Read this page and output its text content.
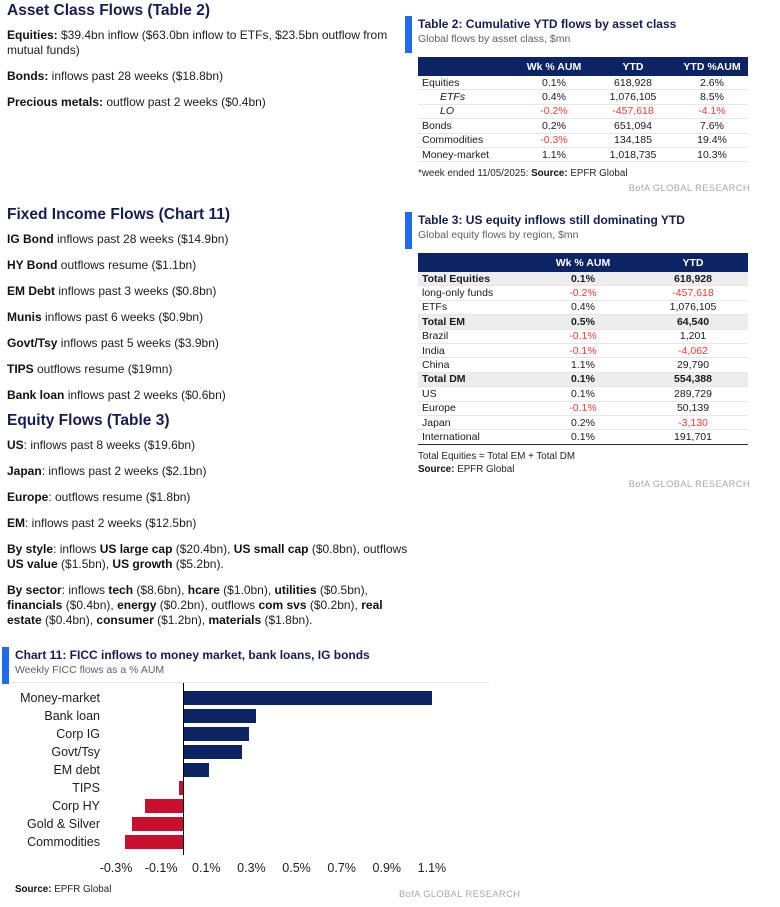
Asset Class Flows (Table 2)

Equities: $39.4bn inflow ($63.0bn inflow to ETFs, $23.5bn outflow from mutual funds)

Bonds: inflows past 28 weeks ($18.8bn)

Precious metals: outflow past 2 weeks ($0.4bn)

Fixed Income Flows (Chart 11)

IG Bond inflows past 28 weeks ($14.9bn)

HY Bond outflows resume ($1.1bn)

EM Debt inflows past 3 weeks ($0.8bn)

Munis inflows past 6 weeks ($0.9bn)

Govt/Tsy inflows past 5 weeks ($3.9bn)

TIPS outflows resume ($19mn)

Bank loan inflows past 2 weeks ($0.6bn)

Equity Flows (Table 3)

US: inflows past 8 weeks ($19.6bn)

Japan: inflows past 2 weeks ($2.1bn)

Europe: outflows resume ($1.8bn)

EM: inflows past 2 weeks ($12.5bn)

By style: inflows US large cap ($20.4bn), US small cap ($0.8bn), outflows US value ($1.5bn), US growth ($5.2bn).

By sector: inflows tech ($8.6bn), hcare ($1.0bn), utilities ($0.5bn), financials ($0.4bn), energy ($0.2bn), outflows com svs ($0.2bn), real estate ($0.4bn), consumer ($1.2bn), materials ($1.8bn).

Table 2: Cumulative YTD flows by asset class
Global flows by asset class, $mn
	Wk % AUM	YTD	YTD %AUM
Equities	0.1%	618,928	2.6%
ETFs	0.4%	1,076,105	8.5%
LO	-0.2%	-457,618	-4.1%
Bonds	0.2%	651,094	7.6%
Commodities	-0.3%	134,185	19.4%
Money-market	1.1%	1,018,735	10.3%
*week ended 11/05/2025: Source: EPFR Global
BofA GLOBAL RESEARCH
Table 3: US equity inflows still dominating YTD
Global equity flows by region, $mn
	Wk % AUM	YTD
Total Equities	0.1%	618,928
long-only funds	-0.2%	-457,618
ETFs	0.4%	1,076,105
Total EM	0.5%	64,540
Brazil	-0.1%	1,201
India	-0.1%	-4,062
China	1.1%	29,790
Total DM	0.1%	554,388
US	0.1%	289,729
Europe	-0.1%	50,139
Japan	0.2%	-3,130
International	0.1%	191,701
Total Equities = Total EM + Total DM
Source: EPFR Global
BofA GLOBAL RESEARCH
Chart 11: FICC inflows to money market, bank loans, IG bonds
Weekly FICC flows as a % AUM
-0.3% -0.1% 0.1% 0.3% 0.5% 0.7% 0.9% 1.1%
Money-market
Bank loan
Corp IG
Govt/Tsy
EM debt
TIPS
Corp HY
Gold & Silver
Commodities
Source: EPFR Global	BofA GLOBAL RESEARCH
